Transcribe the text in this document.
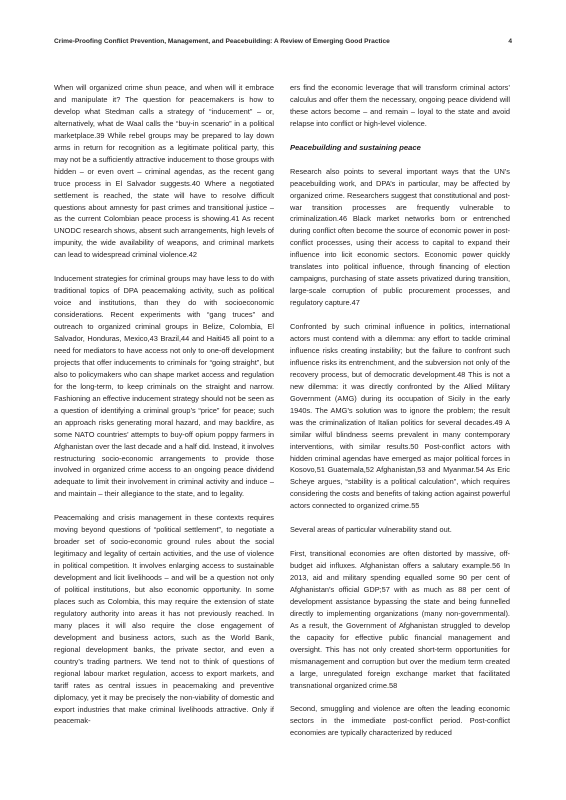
Crime-Proofing Conflict Prevention, Management, and Peacebuilding: A Review of Emerging Good Practice	4

When will organized crime shun peace, and when will it embrace and manipulate it? The question for peacemakers is how to develop what Stedman calls a strategy of “inducement” – or, alternatively, what de Waal calls the “buy-in scenario” in a political marketplace.39 While rebel groups may be prepared to lay down arms in return for recognition as a legitimate political party, this may not be a sufficiently attractive inducement to those groups with hidden – or even overt – criminal agendas, as the recent gang truce process in El Salvador suggests.40 Where a negotiated settlement is reached, the state will have to resolve difficult questions about amnesty for past crimes and transitional justice – as the current Colombian peace process is showing.41 As recent UNODC research shows, absent such arrangements, high levels of impunity, the wide availability of weapons, and criminal markets can lead to widespread criminal violence.42

Inducement strategies for criminal groups may have less to do with traditional topics of DPA peacemaking activity, such as political voice and institutions, than they do with socioeconomic considerations. Recent experiments with “gang truces” and outreach to organized criminal groups in Belize, Colombia, El Salvador, Honduras, Mexico,43 Brazil,44 and Haiti45 all point to a need for mediators to have access not only to one-off development projects that offer inducements to criminals for “going straight”, but also to policymakers who can shape market access and regulation for the long-term, to keep criminals on the straight and narrow. Fashioning an effective inducement strategy should not be seen as a question of identifying a criminal group’s “price” for peace; such an approach risks generating moral hazard, and may backfire, as some NATO countries’ attempts to buy-off opium poppy farmers in Afghanistan over the last decade and a half did. Instead, it involves restructuring socio-economic arrangements to provide those involved in organized crime access to an ongoing peace dividend adequate to limit their involvement in criminal activity and induce – and maintain – their allegiance to the state, and to legality.

Peacemaking and crisis management in these contexts requires moving beyond questions of “political settlement”, to negotiate a broader set of socio-economic ground rules about the social legitimacy and legality of certain activities, and the use of violence in political competition. It involves enlarging access to sustainable development and licit livelihoods – and will be a question not only of political institutions, but also economic opportunity. In some places such as Colombia, this may require the extension of state regulatory authority into areas it has not previously reached. In many places it will also require the close engagement of development and business actors, such as the World Bank, regional development banks, the private sector, and even a country’s trading partners. We tend not to think of questions of regional labour market regulation, access to export markets, and tariff rates as central issues in peacemaking and preventive diplomacy, yet it may be precisely the non-viability of domestic and export industries that make criminal livelihoods attractive. Only if peacemak-

ers find the economic leverage that will transform criminal actors’ calculus and offer them the necessary, ongoing peace dividend will these actors become – and remain – loyal to the state and avoid relapse into conflict or high-level violence.

Peacebuilding and sustaining peace

Research also points to several important ways that the UN’s peacebuilding work, and DPA’s in particular, may be affected by organized crime. Researchers suggest that constitutional and post-war transition processes are frequently vulnerable to criminalization.46 Black market networks born or entrenched during conflict often become the source of economic power in post-conflict processes, using their access to capital to expand their influence into licit economic sectors. Economic power quickly translates into political influence, through financing of election campaigns, purchasing of state assets privatized during transition, large-scale corruption of public procurement processes, and regulatory capture.47

Confronted by such criminal influence in politics, international actors must contend with a dilemma: any effort to tackle criminal influence risks creating instability; but the failure to confront such influence risks its entrenchment, and the subversion not only of the recovery process, but of democratic development.48 This is not a new dilemma: it was directly confronted by the Allied Military Government (AMG) during its occupation of Sicily in the early 1940s. The AMG’s solution was to ignore the problem; the result was the criminalization of Italian politics for several decades.49 A similar wilful blindness seems prevalent in many contemporary interventions, with similar results.50 Post-conflict actors with hidden criminal agendas have emerged as major political forces in Kosovo,51 Guatemala,52 Afghanistan,53 and Myanmar.54 As Eric Scheye argues, “stability is a political calculation”, which requires considering the costs and benefits of taking action against powerful actors connected to organized crime.55

Several areas of particular vulnerability stand out.

First, transitional economies are often distorted by massive, off-budget aid influxes. Afghanistan offers a salutary example.56 In 2013, aid and military spending equalled some 90 per cent of Afghanistan’s official GDP;57 with as much as 88 per cent of development assistance bypassing the state and being funnelled directly to implementing organizations (many non-governmental). As a result, the Government of Afghanistan struggled to develop the capacity for effective public financial management and oversight. This has not only created short-term opportunities for mismanagement and corruption but over the medium term created a large, unregulated foreign exchange market that facilitated transnational organized crime.58

Second, smuggling and violence are often the leading economic sectors in the immediate post-conflict period. Post-conflict economies are typically characterized by reduced
